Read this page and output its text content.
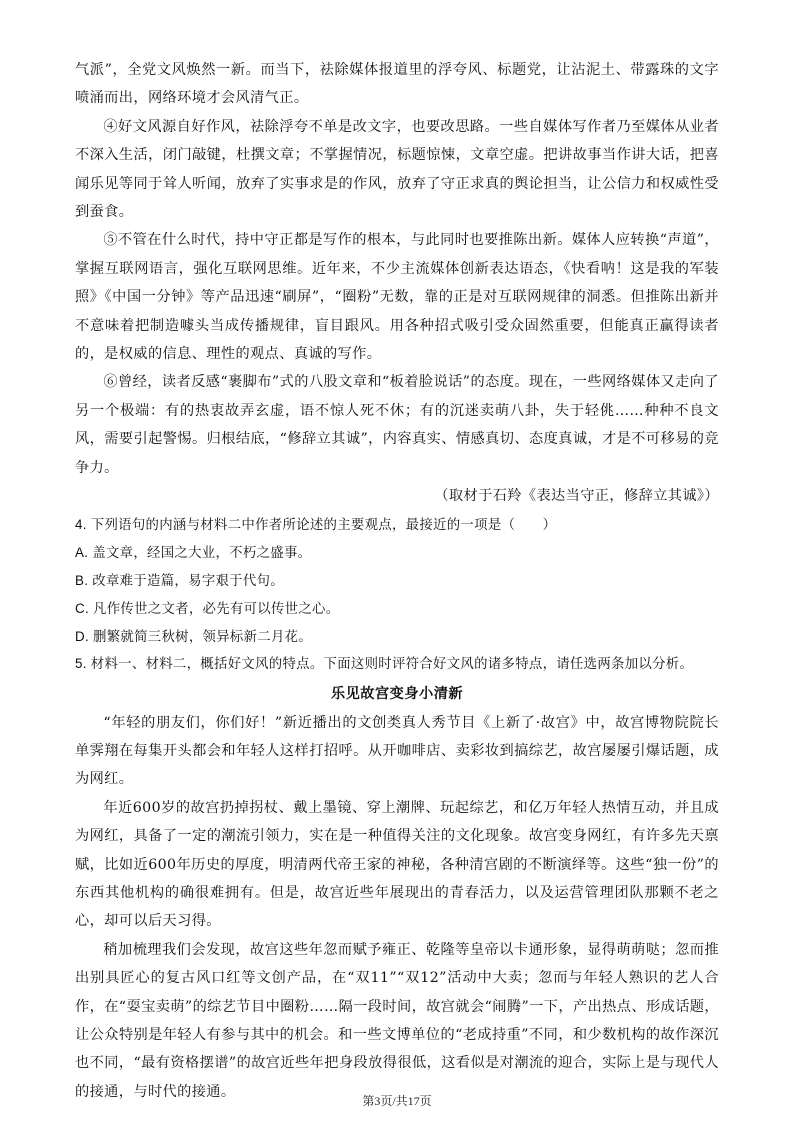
气派”，全党文风焕然一新。而当下，祛除媒体报道里的浮夸风、标题党，让沾泥土、带露珠的文字喷涌而出，网络环境才会风清气正。

④好文风源自好作风，祛除浮夸不单是改文字，也要改思路。一些自媒体写作者乃至媒体从业者不深入生活，闭门敲键，杜撰文章；不掌握情况，标题惊悚，文章空虚。把讲故事当作讲大话，把喜闻乐见等同于耸人听闻，放弃了实事求是的作风，放弃了守正求真的舆论担当，让公信力和权威性受到蚕食。

⑤不管在什么时代，持中守正都是写作的根本，与此同时也要推陈出新。媒体人应转换“声道”，掌握互联网语言，强化互联网思维。近年来，不少主流媒体创新表达语态，《快看呐！这是我的军装照》《中国一分钟》等产品迅速“刷屏”，“圈粉”无数，靠的正是对互联网规律的洞悉。但推陈出新并不意味着把制造噱头当成传播规律，盲目跟风。用各种招式吸引受众固然重要，但能真正赢得读者的，是权威的信息、理性的观点、真诚的写作。

⑥曾经，读者反感“裹脚布”式的八股文章和“板着脸说话”的态度。现在，一些网络媒体又走向了另一个极端：有的热衷故弄玄虚，语不惊人死不休；有的沉迷卖萌八卦，失于轻佻……种种不良文风，需要引起警惕。归根结底，“修辞立其诚”，内容真实、情感真切、态度真诚，才是不可移易的竞争力。

（取材于石羚《表达当守正，修辞立其诚》）

4. 下列语句的内涵与材料二中作者所论述的主要观点，最接近的一项是（　　）

A. 盖文章，经国之大业，不朽之盛事。

B. 改章难于造篇，易字艰于代句。

C. 凡作传世之文者，必先有可以传世之心。

D. 删繁就简三秋树，领异标新二月花。

5. 材料一、材料二，概括好文风的特点。下面这则时评符合好文风的诸多特点，请任选两条加以分析。

乐见故宫变身小清新

“年轻的朋友们，你们好！”新近播出的文创类真人秀节目《上新了·故宫》中，故宫博物院院长单霁翔在每集开头都会和年轻人这样打招呼。从开咖啡店、卖彩妆到搞综艺，故宫屡屡引爆话题，成为网红。

年近600岁的故宫扔掉拐杖、戴上墨镜、穿上潮牌、玩起综艺，和亿万年轻人热情互动，并且成为网红，具备了一定的潮流引领力，实在是一种值得关注的文化现象。故宫变身网红，有许多先天禀赋，比如近600年历史的厚度，明清两代帝王家的神秘，各种清宫剧的不断演绎等。这些“独一份”的东西其他机构的确很难拥有。但是，故宫近些年展现出的青春活力，以及运营管理团队那颗不老之心，却可以后天习得。

稍加梳理我们会发现，故宫这些年忽而赋予雍正、乾隆等皇帝以卡通形象，显得萌萌哒；忽而推出别具匠心的复古风口红等文创产品，在“双11”“双12”活动中大卖；忽而与年轻人熟识的艺人合作，在“耍宝卖萌”的综艺节目中圈粉……隔一段时间，故宫就会“闹腾”一下，产出热点、形成话题，让公众特别是年轻人有参与其中的机会。和一些文博单位的“老成持重”不同，和少数机构的故作深沉也不同，“最有资格摆谱”的故宫近些年把身段放得很低，这看似是对潮流的迎合，实际上是与现代人的接通，与时代的接通。

第3页/共17页
